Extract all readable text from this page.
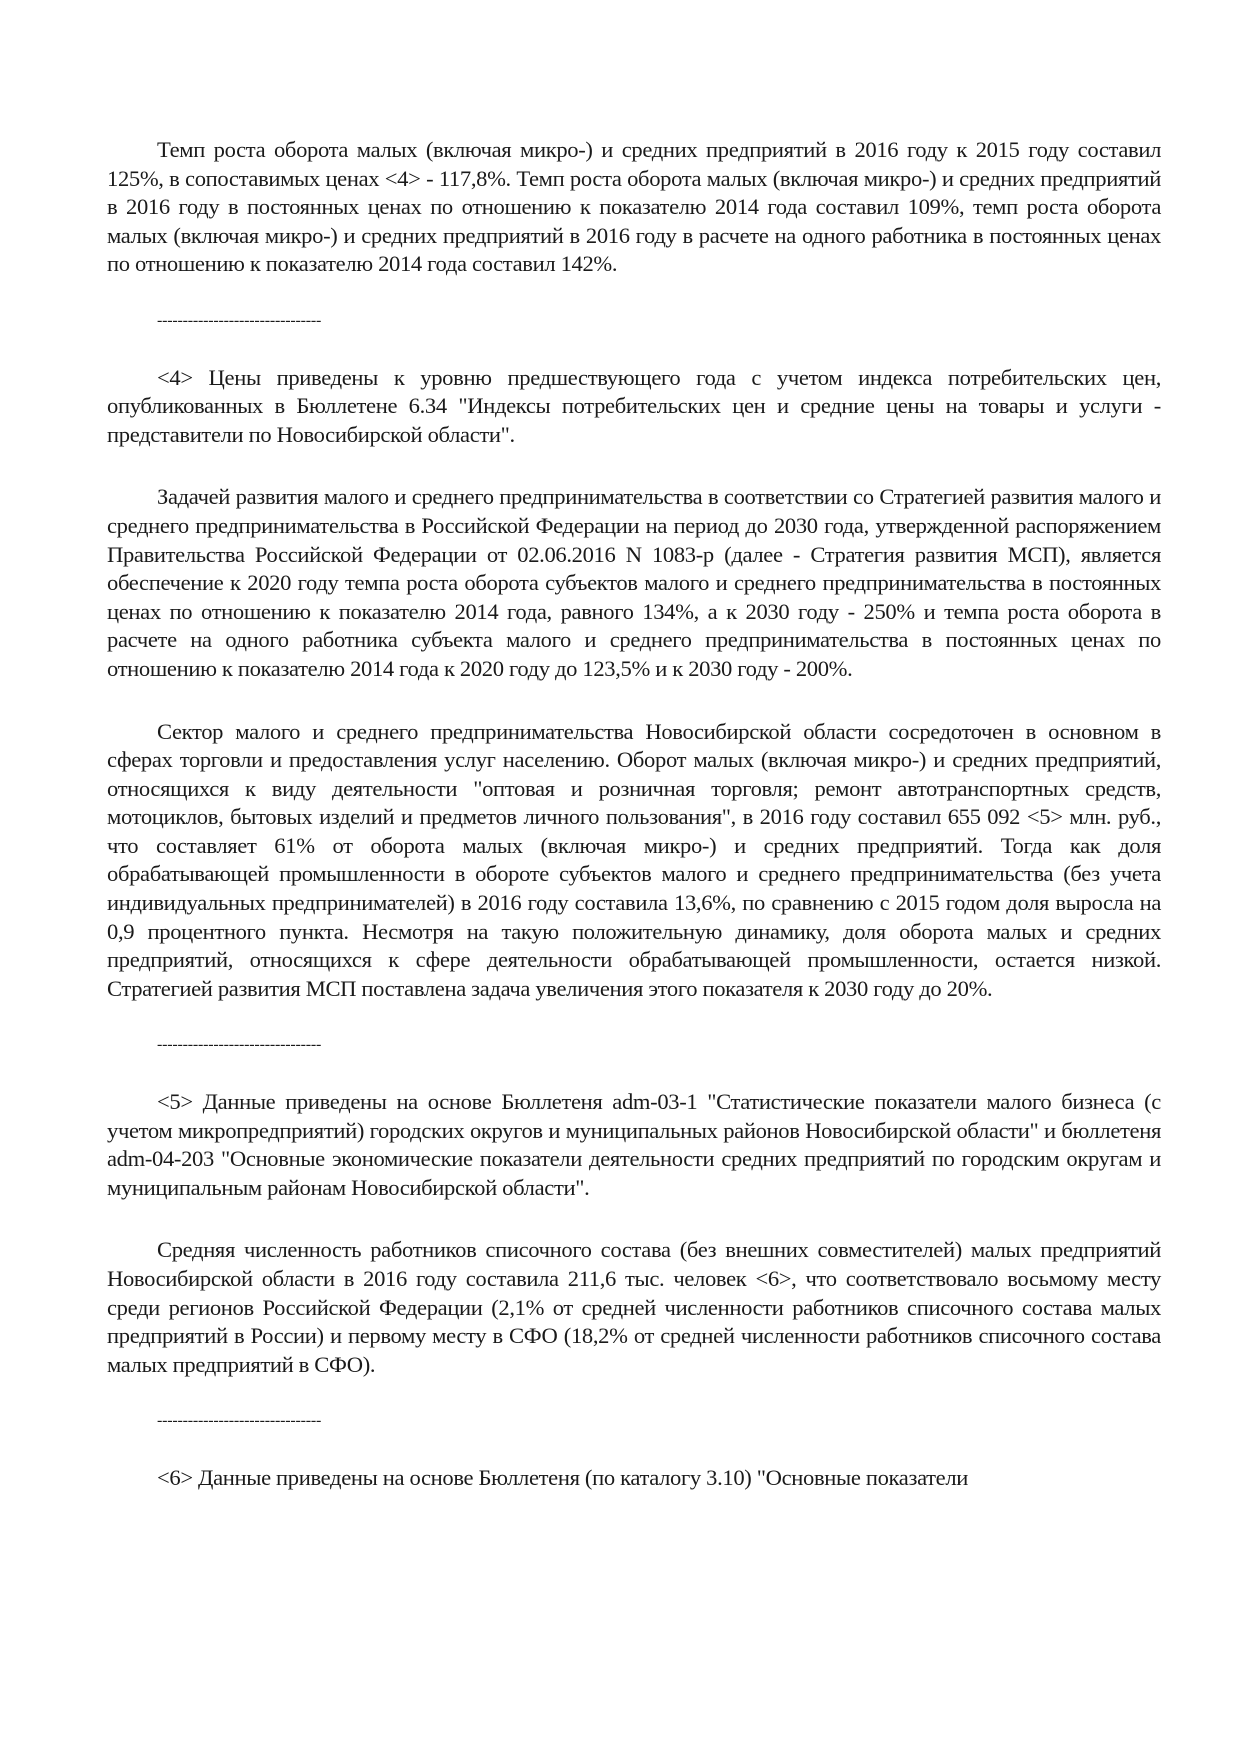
Темп роста оборота малых (включая микро-) и средних предприятий в 2016 году к 2015 году составил 125%, в сопоставимых ценах <4> - 117,8%. Темп роста оборота малых (включая микро-) и средних предприятий в 2016 году в постоянных ценах по отношению к показателю 2014 года составил 109%, темп роста оборота малых (включая микро-) и средних предприятий в 2016 году в расчете на одного работника в постоянных ценах по отношению к показателю 2014 года составил 142%.

--------------------------------

<4> Цены приведены к уровню предшествующего года с учетом индекса потребительских цен, опубликованных в Бюллетене 6.34 "Индексы потребительских цен и средние цены на товары и услуги - представители по Новосибирской области".

Задачей развития малого и среднего предпринимательства в соответствии со Стратегией развития малого и среднего предпринимательства в Российской Федерации на период до 2030 года, утвержденной распоряжением Правительства Российской Федерации от 02.06.2016 N 1083-р (далее - Стратегия развития МСП), является обеспечение к 2020 году темпа роста оборота субъектов малого и среднего предпринимательства в постоянных ценах по отношению к показателю 2014 года, равного 134%, а к 2030 году - 250% и темпа роста оборота в расчете на одного работника субъекта малого и среднего предпринимательства в постоянных ценах по отношению к показателю 2014 года к 2020 году до 123,5% и к 2030 году - 200%.

Сектор малого и среднего предпринимательства Новосибирской области сосредоточен в основном в сферах торговли и предоставления услуг населению. Оборот малых (включая микро-) и средних предприятий, относящихся к виду деятельности "оптовая и розничная торговля; ремонт автотранспортных средств, мотоциклов, бытовых изделий и предметов личного пользования", в 2016 году составил 655 092 <5> млн. руб., что составляет 61% от оборота малых (включая микро-) и средних предприятий. Тогда как доля обрабатывающей промышленности в обороте субъектов малого и среднего предпринимательства (без учета индивидуальных предпринимателей) в 2016 году составила 13,6%, по сравнению с 2015 годом доля выросла на 0,9 процентного пункта. Несмотря на такую положительную динамику, доля оборота малых и средних предприятий, относящихся к сфере деятельности обрабатывающей промышленности, остается низкой. Стратегией развития МСП поставлена задача увеличения этого показателя к 2030 году до 20%.

--------------------------------

<5> Данные приведены на основе Бюллетеня adm-03-1 "Статистические показатели малого бизнеса (с учетом микропредприятий) городских округов и муниципальных районов Новосибирской области" и бюллетеня adm-04-203 "Основные экономические показатели деятельности средних предприятий по городским округам и муниципальным районам Новосибирской области".

Средняя численность работников списочного состава (без внешних совместителей) малых предприятий Новосибирской области в 2016 году составила 211,6 тыс. человек <6>, что соответствовало восьмому месту среди регионов Российской Федерации (2,1% от средней численности работников списочного состава малых предприятий в России) и первому месту в СФО (18,2% от средней численности работников списочного состава малых предприятий в СФО).

--------------------------------

<6> Данные приведены на основе Бюллетеня (по каталогу 3.10) "Основные показатели
